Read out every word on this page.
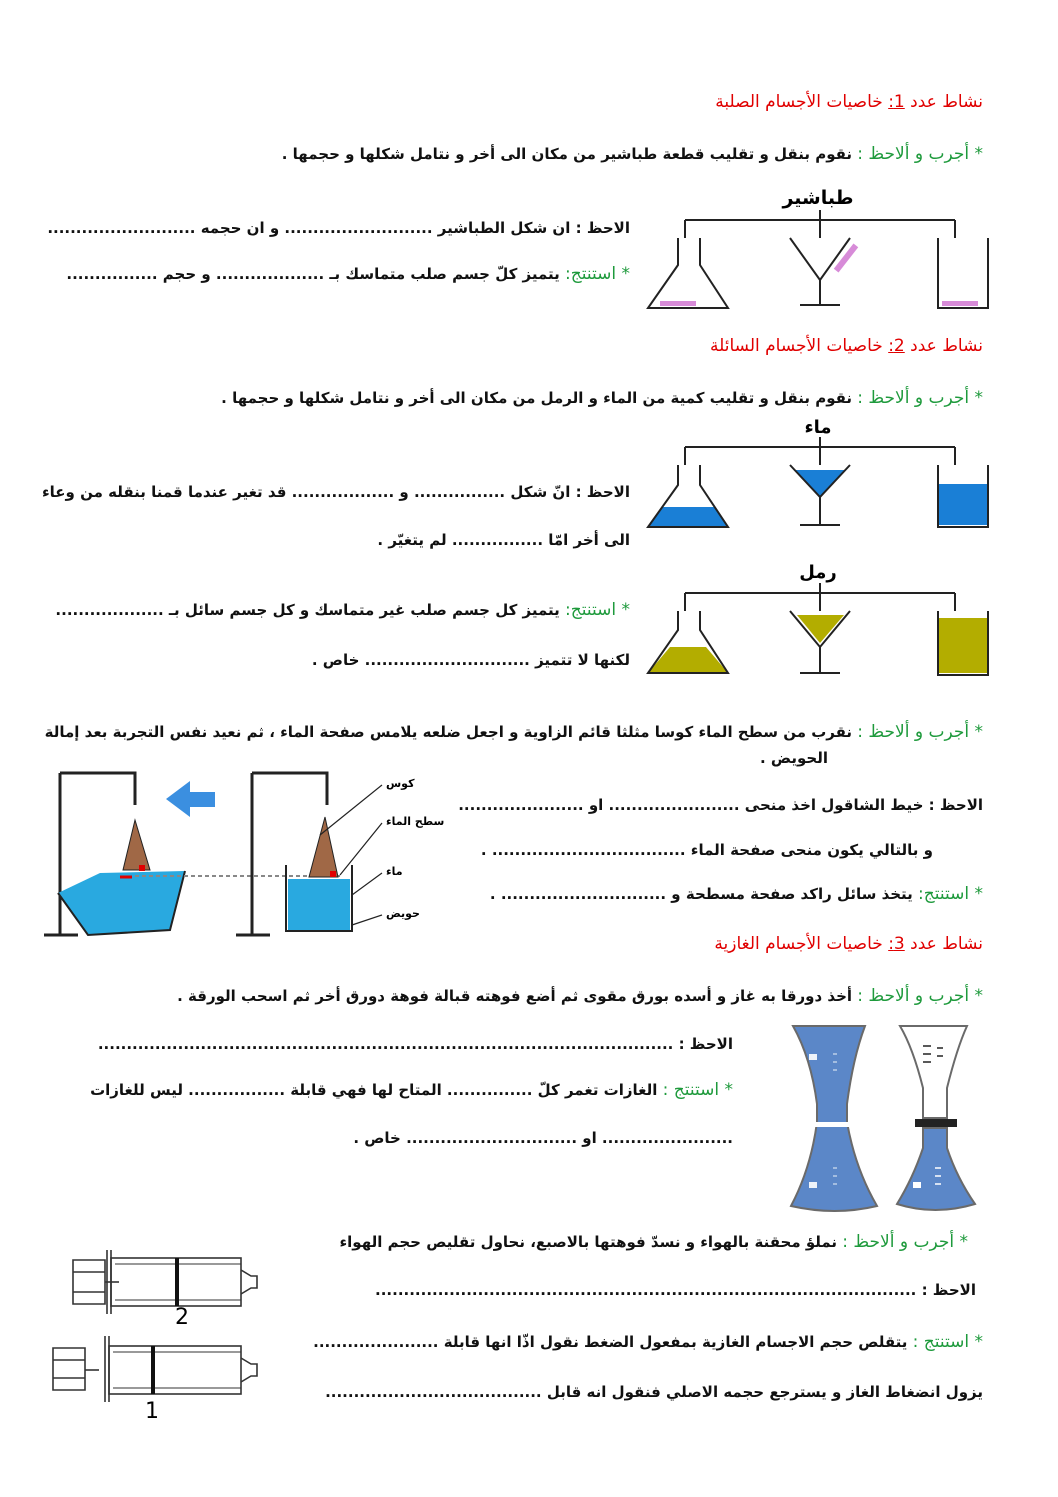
نشاط عدد 1: خاصيات الأجسام الصلبة
* أجرب و ألاحظ : نقوم بنقل و تقليب قطعة طباشير من مكان الى أخر و نتامل شكلها و حجمها .
الاحظ : ان شكل الطباشير .......................... و ان حجمه ..........................
* استنتج: يتميز كلّ جسم صلب متماسك بـ ................... و حجم ................
طباشير
نشاط عدد 2: خاصيات الأجسام السائلة
* أجرب و ألاحظ : نقوم بنقل و تقليب كمية من الماء و الرمل من مكان الى أخر و نتامل شكلها و حجمها .
الاحظ : انّ شكل ................ و .................. قد تغير عندما قمنا بنقله من وعاء
الى أخر امّا ................ لم يتغيّر .
* استنتج: يتميز كل جسم صلب غير متماسك و كل جسم سائل بـ ...................
لكنها لا تتميز ............................. خاص .
ماء
رمل
* أجرب و ألاحظ : نقرب من سطح الماء كوسا مثلثا قائم الزاوية و اجعل ضلعه يلامس صفحة الماء ، ثم نعيد نفس التجربة بعد إمالة
الحويض .
الاحظ : خيط الشاقول اخذ منحى ....................... او ......................
و بالتالي يكون منحى صفحة الماء .................................. .
* استنتج: يتخذ سائل راكد صفحة مسطحة و ............................. .
كوس
سطح الماء
ماء
حويض
نشاط عدد 3: خاصيات الأجسام الغازية
* أجرب و ألاحظ : أخذ دورقا به غاز و أسده بورق مقوى ثم أضع فوهته قبالة فوهة دورق أخر ثم اسحب الورقة .
الاحظ : .....................................................................................................
* استنتج : الغازات تغمر كلّ ............... المتاح لها فهي قابلة ................. ليس للغازات
....................... او .............................. خاص .
* أجرب و ألاحظ : نملؤ محقنة بالهواء و نسدّ فوهتها بالاصبع، نحاول تقليص حجم الهواء
الاحظ : ...............................................................................................
* استنتج : يتقلص حجم الاجسام الغازية بمفعول الضغط نقول اذّا انها قابلة ......................
يزول انضغاط الغاز و يسترجع حجمه الاصلي فنقول انه قابل ......................................
2
1
